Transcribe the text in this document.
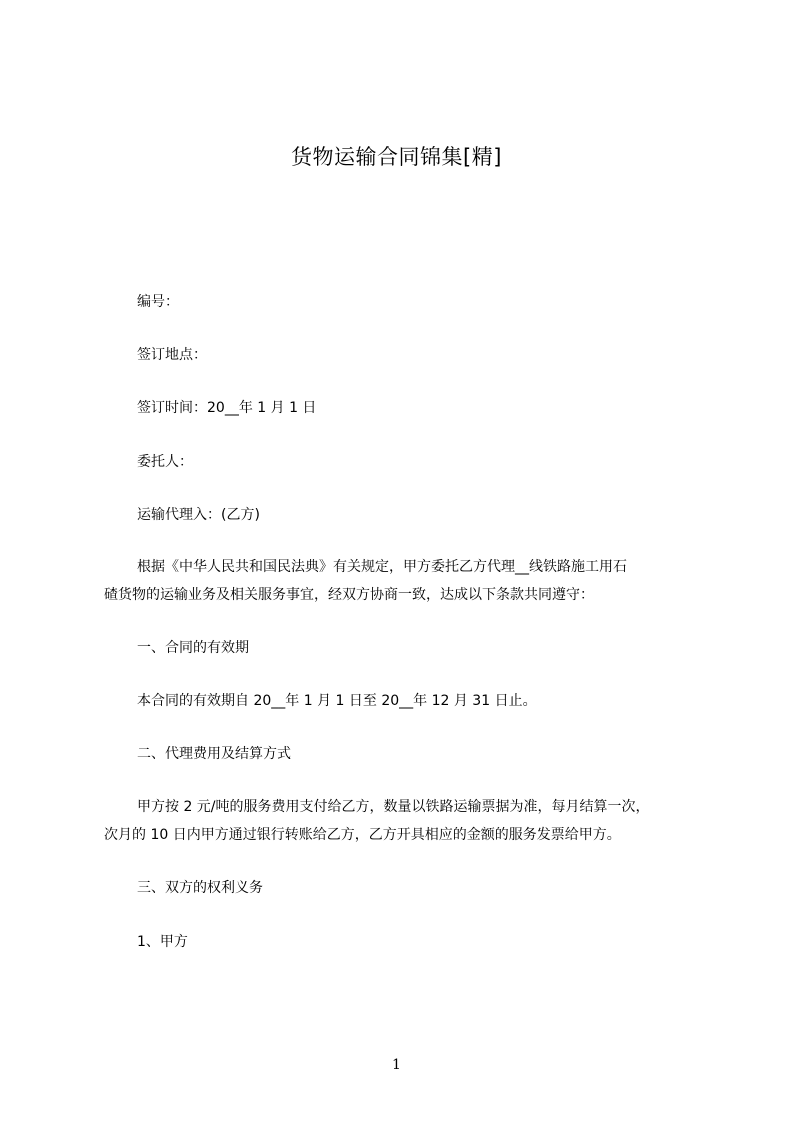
货物运输合同锦集[精]
编号：
签订地点：
签订时间：20__年 1 月 1 日
委托人：
运输代理入：(乙方)
根据《中华人民共和国民法典》有关规定，甲方委托乙方代理__线铁路施工用石
碴货物的运输业务及相关服务事宜，经双方协商一致，达成以下条款共同遵守：
一、合同的有效期
本合同的有效期自 20__年 1 月 1 日至 20__年 12 月 31 日止。
二、代理费用及结算方式
甲方按 2 元/吨的服务费用支付给乙方，数量以铁路运输票据为准，每月结算一次，
次月的 10 日内甲方通过银行转账给乙方，乙方开具相应的金额的服务发票给甲方。
三、双方的权利义务
1、甲方
1
